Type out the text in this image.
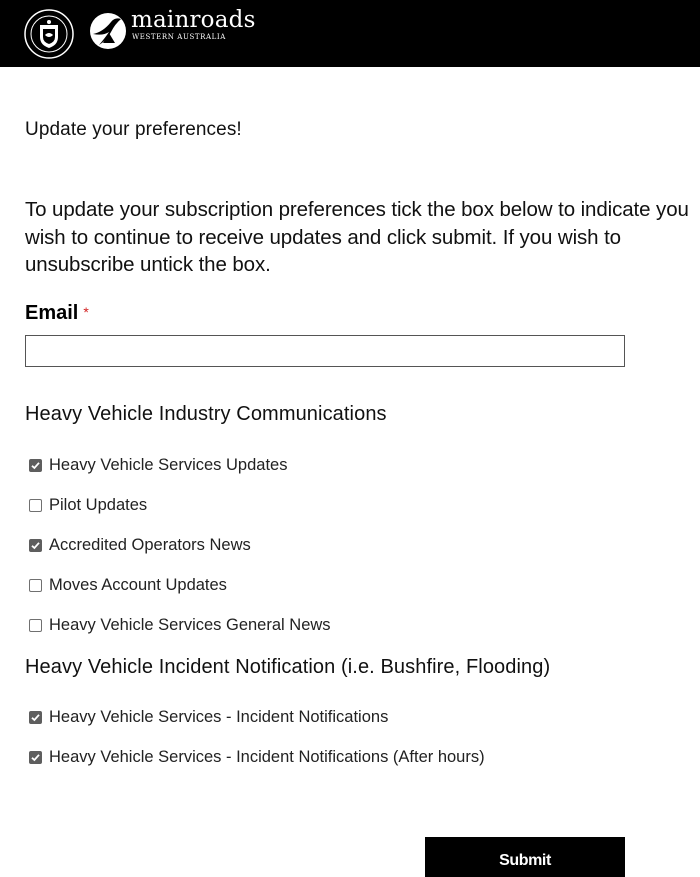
mainroads
WESTERN AUSTRALIA
Update your preferences!

To update your subscription preferences tick the box below to indicate you wish to continue to receive updates and click submit. If you wish to unsubscribe untick the box.

Email *
Heavy Vehicle Industry Communications
Heavy Vehicle Services Updates
Pilot Updates
Accredited Operators News
Moves Account Updates
Heavy Vehicle Services General News
Heavy Vehicle Incident Notification (i.e. Bushfire, Flooding)
Heavy Vehicle Services - Incident Notifications
Heavy Vehicle Services - Incident Notifications (After hours)
Submit
